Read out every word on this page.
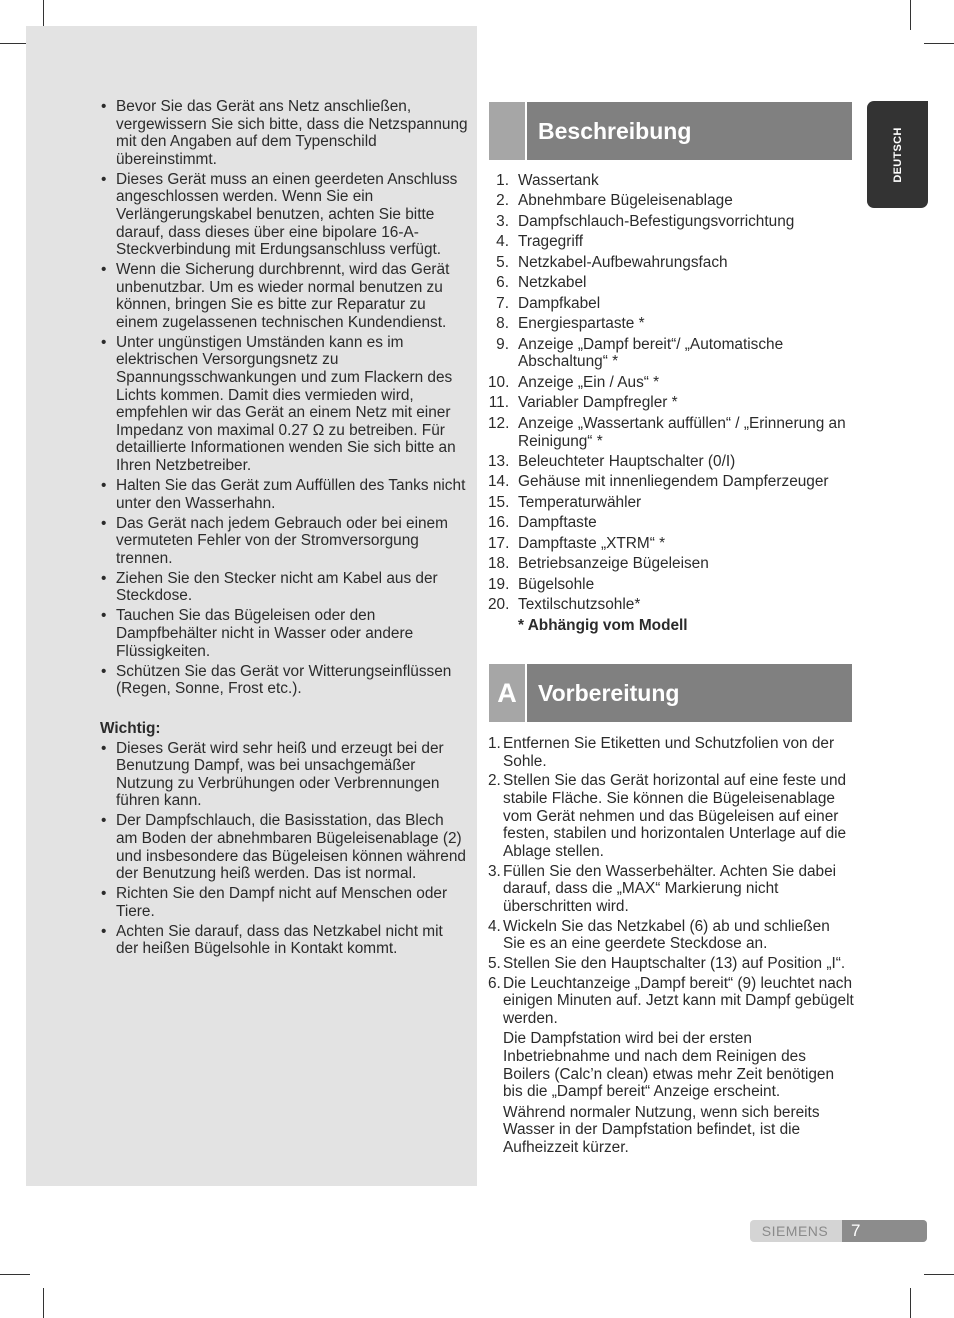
• Bevor Sie das Gerät ans Netz anschließen, vergewissern Sie sich bitte, dass die Netzspannung mit den Angaben auf dem Typenschild übereinstimmt.
• Dieses Gerät muss an einen geerdeten Anschluss angeschlossen werden. Wenn Sie ein Verlängerungskabel benutzen, achten Sie bitte darauf, dass dieses über eine bipolare 16-A-Steckverbindung mit Erdungsanschluss verfügt.
• Wenn die Sicherung durchbrennt, wird das Gerät unbenutzbar. Um es wieder normal benutzen zu können, bringen Sie es bitte zur Reparatur zu einem zugelassenen technischen Kundendienst.
• Unter ungünstigen Umständen kann es im elektrischen Versorgungsnetz zu Spannungsschwankungen und zum Flackern des Lichts kommen. Damit dies vermieden wird, empfehlen wir das Gerät an einem Netz mit einer Impedanz von maximal 0.27 Ω zu betreiben. Für detaillierte Informationen wenden Sie sich bitte an Ihren Netzbetreiber.
• Halten Sie das Gerät zum Auffüllen des Tanks nicht unter den Wasserhahn.
• Das Gerät nach jedem Gebrauch oder bei einem vermuteten Fehler von der Stromversorgung trennen.
• Ziehen Sie den Stecker nicht am Kabel aus der Steckdose.
• Tauchen Sie das Bügeleisen oder den Dampfbehälter nicht in Wasser oder andere Flüssigkeiten.
• Schützen Sie das Gerät vor Witterungseinflüssen (Regen, Sonne, Frost etc.).
Wichtig:
• Dieses Gerät wird sehr heiß und erzeugt bei der Benutzung Dampf, was bei unsachgemäßer Nutzung zu Verbrühungen oder Verbrennungen führen kann.
• Der Dampfschlauch, die Basisstation, das Blech am Boden der abnehmbaren Bügeleisenablage (2) und insbesondere das Bügeleisen können während der Benutzung heiß werden. Das ist normal.
• Richten Sie den Dampf nicht auf Menschen oder Tiere.
• Achten Sie darauf, dass das Netzkabel nicht mit der heißen Bügelsohle in Kontakt kommt.
Beschreibung
1. Wassertank
2. Abnehmbare Bügeleisenablage
3. Dampfschlauch-Befestigungsvorrichtung
4. Tragegriff
5. Netzkabel-Aufbewahrungsfach
6. Netzkabel
7. Dampfkabel
8. Energiespartaste *
9. Anzeige „Dampf bereit“/ „Automatische Abschaltung“ *
10. Anzeige „Ein / Aus“ *
11. Variabler Dampfregler *
12. Anzeige „Wassertank auffüllen“ / „Erinnerung an Reinigung“ *
13. Beleuchteter Hauptschalter (0/I)
14. Gehäuse mit innenliegendem Dampferzeuger
15. Temperaturwähler
16. Dampftaste
17. Dampftaste „XTRM“ *
18. Betriebsanzeige Bügeleisen
19. Bügelsohle
20. Textilschutzsohle*
* Abhängig vom Modell
A Vorbereitung
1. Entfernen Sie Etiketten und Schutzfolien von der Sohle.
2. Stellen Sie das Gerät horizontal auf eine feste und stabile Fläche. Sie können die Bügeleisenablage vom Gerät nehmen und das Bügeleisen auf einer festen, stabilen und horizontalen Unterlage auf die Ablage stellen.
3. Füllen Sie den Wasserbehälter. Achten Sie dabei darauf, dass die „MAX“ Markierung nicht überschritten wird.
4. Wickeln Sie das Netzkabel (6) ab und schließen Sie es an eine geerdete Steckdose an.
5. Stellen Sie den Hauptschalter (13) auf Position „I“.
6. Die Leuchtanzeige „Dampf bereit“ (9) leuchtet nach einigen Minuten auf. Jetzt kann mit Dampf gebügelt werden.

Die Dampfstation wird bei der ersten Inbetriebnahme und nach dem Reinigen des Boilers (Calc’n clean) etwas mehr Zeit benötigen bis die „Dampf bereit“ Anzeige erscheint.

Während normaler Nutzung, wenn sich bereits Wasser in der Dampfstation befindet, ist die Aufheizzeit kürzer.

DEUTSCH
SIEMENS	7
